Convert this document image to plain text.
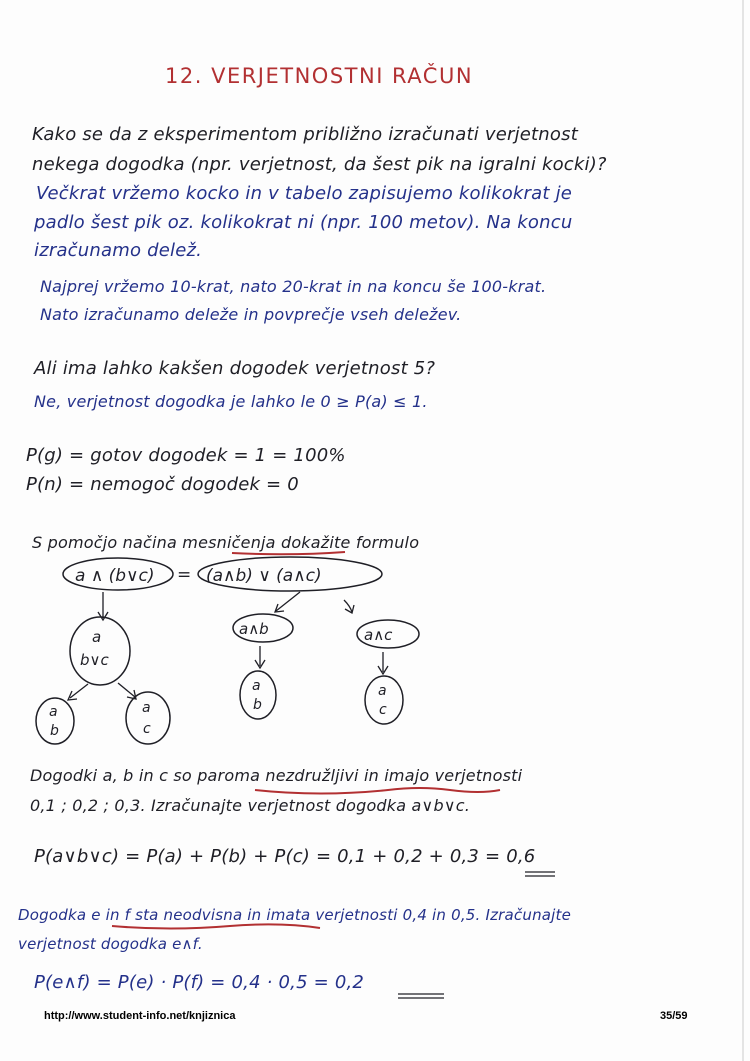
12. VERJETNOSTNI RAČUN
Kako se da z eksperimentom približno izračunati verjetnost
nekega dogodka (npr. verjetnost, da šest pik na igralni kocki)?
Večkrat vržemo kocko in v tabelo zapisujemo kolikokrat je
padlo šest pik oz. kolikokrat ni (npr. 100 metov). Na koncu
izračunamo delež.
Najprej vržemo 10-krat, nato 20-krat in na koncu še 100-krat.
Nato izračunamo deleže in povprečje vseh deležev.
Ali ima lahko kakšen dogodek verjetnost 5?
Ne, verjetnost dogodka je lahko le 0 ≥ P(a) ≤ 1.
P(g) = gotov dogodek = 1 = 100%
P(n) = nemogoč dogodek = 0
S pomočjo načina mesničenja dokažite formulo
a ∧ (b∨c) = (a∧b) ∨ (a∧c)
a
b∨c
a
b
a
c
a∧b
a
b
a∧c
a
c
Dogodki a, b in c so paroma nezdružljivi in imajo verjetnosti
0,1 ; 0,2 ; 0,3. Izračunajte verjetnost dogodka a∨b∨c.
P(a∨b∨c) = P(a) + P(b) + P(c) = 0,1 + 0,2 + 0,3 = 0,6
Dogodka e in f sta neodvisna in imata verjetnosti 0,4 in 0,5. Izračunajte
verjetnost dogodka e∧f.
P(e∧f) = P(e) · P(f) = 0,4 · 0,5 = 0,2
http://www.student-info.net/knjiznica	35/59
